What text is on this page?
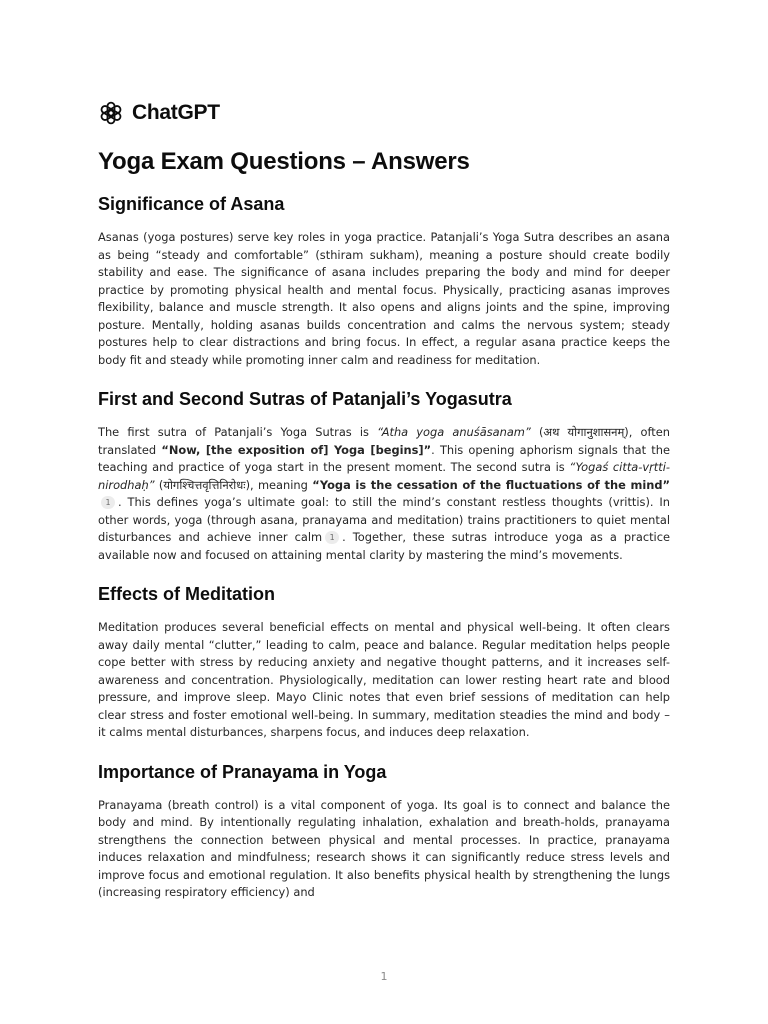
ChatGPT
Yoga Exam Questions – Answers
Significance of Asana

Asanas (yoga postures) serve key roles in yoga practice. Patanjali’s Yoga Sutra describes an asana as being “steady and comfortable” (sthiram sukham), meaning a posture should create bodily stability and ease. The significance of asana includes preparing the body and mind for deeper practice by promoting physical health and mental focus. Physically, practicing asanas improves flexibility, balance and muscle strength. It also opens and aligns joints and the spine, improving posture. Mentally, holding asanas builds concentration and calms the nervous system; steady postures help to clear distractions and bring focus. In effect, a regular asana practice keeps the body fit and steady while promoting inner calm and readiness for meditation.

First and Second Sutras of Patanjali’s Yogasutra

The first sutra of Patanjali’s Yoga Sutras is “Atha yoga anuśāsanam” (अथ योगानुशासनम्), often translated “Now, [the exposition of] Yoga [begins]”. This opening aphorism signals that the teaching and practice of yoga start in the present moment. The second sutra is “Yogaś citta-vṛtti-nirodhaḥ” (योगश्चित्तवृत्तिनिरोधः), meaning “Yoga is the cessation of the fluctuations of the mind”1 . This defines yoga’s ultimate goal: to still the mind’s constant restless thoughts (vrittis). In other words, yoga (through asana, pranayama and meditation) trains practitioners to quiet mental disturbances and achieve inner calm 1 . Together, these sutras introduce yoga as a practice available now and focused on attaining mental clarity by mastering the mind’s movements.

Effects of Meditation

Meditation produces several beneficial effects on mental and physical well-being. It often clears away daily mental “clutter,” leading to calm, peace and balance. Regular meditation helps people cope better with stress by reducing anxiety and negative thought patterns, and it increases self-awareness and concentration. Physiologically, meditation can lower resting heart rate and blood pressure, and improve sleep. Mayo Clinic notes that even brief sessions of meditation can help clear stress and foster emotional well-being. In summary, meditation steadies the mind and body – it calms mental disturbances, sharpens focus, and induces deep relaxation.

Importance of Pranayama in Yoga

Pranayama (breath control) is a vital component of yoga. Its goal is to connect and balance the body and mind. By intentionally regulating inhalation, exhalation and breath-holds, pranayama strengthens the connection between physical and mental processes. In practice, pranayama induces relaxation and mindfulness; research shows it can significantly reduce stress levels and improve focus and emotional regulation. It also benefits physical health by strengthening the lungs (increasing respiratory efficiency) and

1
